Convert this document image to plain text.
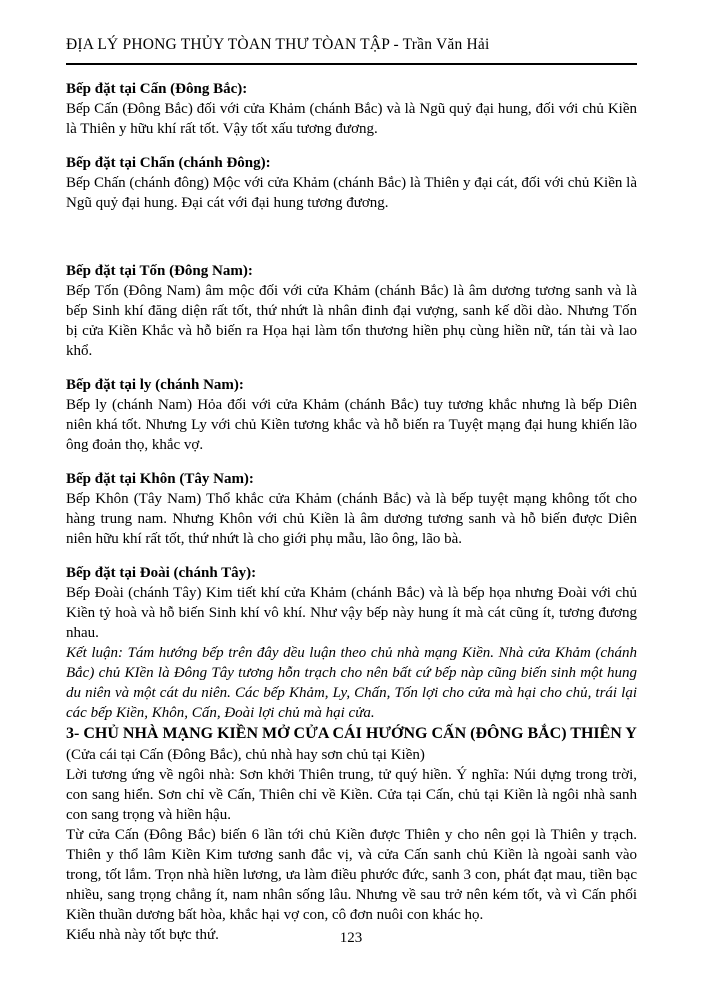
ĐỊA LÝ PHONG THỦY TÒAN THƯ TÒAN TẬP - Trần Văn Hải
Bếp đặt tại Cấn (Đông Bắc):

Bếp Cấn (Đông Bắc) đối với cửa Khảm (chánh Bắc) và là Ngũ quỷ đại hung, đối với chủ Kiền là Thiên y hữu khí rất tốt. Vậy tốt xấu tương đương.

Bếp đặt tại Chấn (chánh Đông):

Bếp Chấn (chánh đông) Mộc với cửa Khảm (chánh Bắc) là Thiên y đại cát, đối với chủ Kiền là Ngũ quỷ đại hung. Đại cát với đại hung tương đương.

Bếp đặt tại Tốn (Đông Nam):

Bếp Tốn (Đông Nam) âm mộc đối với cửa Khảm (chánh Bắc) là âm dương tương sanh và là bếp Sinh khí đăng diện rất tốt, thứ nhứt là nhân đinh đại vượng, sanh kế dồi dào. Nhưng Tốn bị cửa Kiền Khắc và hỗ biến ra Họa hại làm tổn thương hiền phụ cùng hiền nữ, tán tài và lao khổ.

Bếp đặt tại ly (chánh Nam):

Bếp ly (chánh Nam) Hỏa đối với cửa Khảm (chánh Bắc) tuy tương khắc nhưng là bếp Diên niên khá tốt. Nhưng Ly với chủ Kiền tương khắc và hỗ biến ra Tuyệt mạng đại hung khiến lão ông đoản thọ, khắc vợ.

Bếp đặt tại Khôn (Tây Nam):

Bếp Khôn (Tây Nam) Thổ khắc cửa Khảm (chánh Bắc) và là bếp tuyệt mạng không tốt cho hàng trung nam. Nhưng Khôn với chủ Kiền là âm dương tương sanh và hỗ biến được Diên niên hữu khí rất tốt, thứ nhứt là cho giới phụ mẫu, lão ông, lão bà.

Bếp đặt tại Đoài (chánh Tây):

Bếp Đoài (chánh Tây) Kim tiết khí cửa Khảm (chánh Bắc) và là bếp họa nhưng Đoài với chủ Kiền tỷ hoà và hỗ biến Sinh khí vô khí. Như vậy bếp này hung ít mà cát cũng ít, tương đương nhau.

Kết luận: Tám hướng bếp trên đây dều luận theo chủ nhà mạng Kiền. Nhà cửa Khảm (chánh Bắc) chủ KIền là Đông Tây tương hỗn trạch cho nên bất cứ bếp nàp cũng biến sinh một hung du niên và một cát du niên. Các bếp Khảm, Ly, Chấn, Tốn lợi cho cửa mà hại cho chủ, trái lại các bếp Kiền, Khôn, Cấn, Đoài lợi chủ mà hại cửa.

3- CHỦ NHÀ MẠNG KIỀN MỞ CỬA CÁI HƯỚNG CẤN (ĐÔNG BẮC) THIÊN Y
(Cửa cái tại Cấn (Đông Bắc), chủ nhà hay sơn chủ tại Kiền)

Lời tương ứng về ngôi nhà: Sơn khởi Thiên trung, tử quý hiền. Ý nghĩa: Núi dựng trong trời, con sang hiển. Sơn chỉ về Cấn, Thiên chỉ về Kiền. Cửa tại Cấn, chủ tại Kiền là ngôi nhà sanh con sang trọng và hiền hậu.

Từ cửa Cấn (Đông Bắc) biến 6 lần tới chủ Kiền được Thiên y cho nên gọi là Thiên y trạch. Thiên y thổ lâm Kiền Kim tương sanh đắc vị, và cửa Cấn sanh chủ Kiền là ngoài sanh vào trong, tốt lắm. Trọn nhà hiền lương, ưa làm điều phước đức, sanh 3 con, phát đạt mau, tiền bạc nhiều, sang trọng chẳng ít, nam nhân sống lâu. Nhưng về sau trở nên kém tốt, và vì Cấn phối Kiền thuần dương bất hòa, khắc hại vợ con, cô đơn nuôi con khác họ.

Kiểu nhà này tốt bực thứ.	123
